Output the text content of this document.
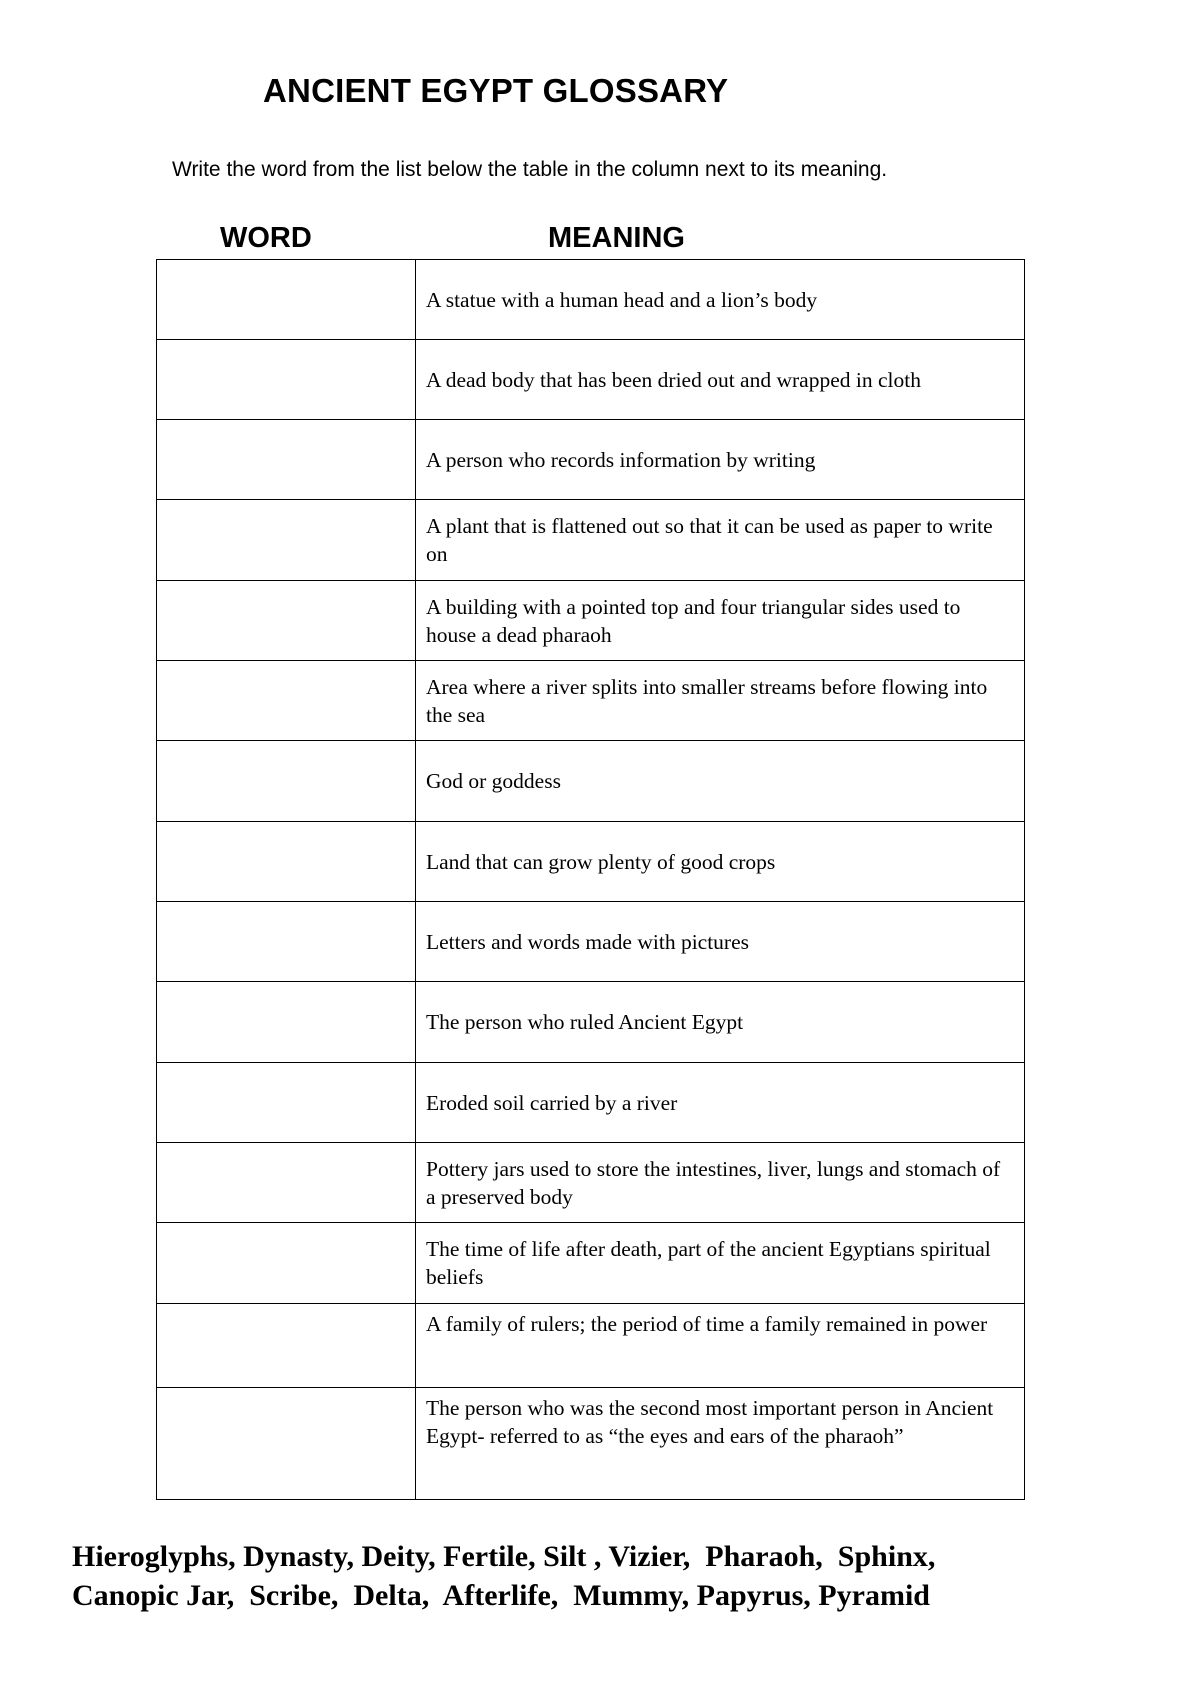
ANCIENT EGYPT GLOSSARY
Write the word from the list below the table in the column next to its meaning.
WORD	MEANING
	A statue with a human head and a lion’s body
	A dead body that has been dried out and wrapped in cloth
	A person who records information by writing
	A plant that is flattened out so that it can be used as paper to write on
	A building with a pointed top and four triangular sides used to house a dead pharaoh
	Area where a river splits into smaller streams before flowing into the sea
	God or goddess
	Land that can grow plenty of good crops
	Letters and words made with pictures
	The person who ruled Ancient Egypt
	Eroded soil carried by a river
	Pottery jars used to store the intestines, liver, lungs and stomach of a preserved body
	The time of life after death, part of the ancient Egyptians spiritual beliefs
	A family of rulers; the period of time a family remained in power
	The person who was the second most important person in Ancient Egypt- referred to as “the eyes and ears of the pharaoh”
Hieroglyphs, Dynasty, Deity, Fertile, Silt , Vizier,  Pharaoh,  Sphinx,
Canopic Jar,  Scribe,  Delta,  Afterlife,  Mummy, Papyrus, Pyramid
